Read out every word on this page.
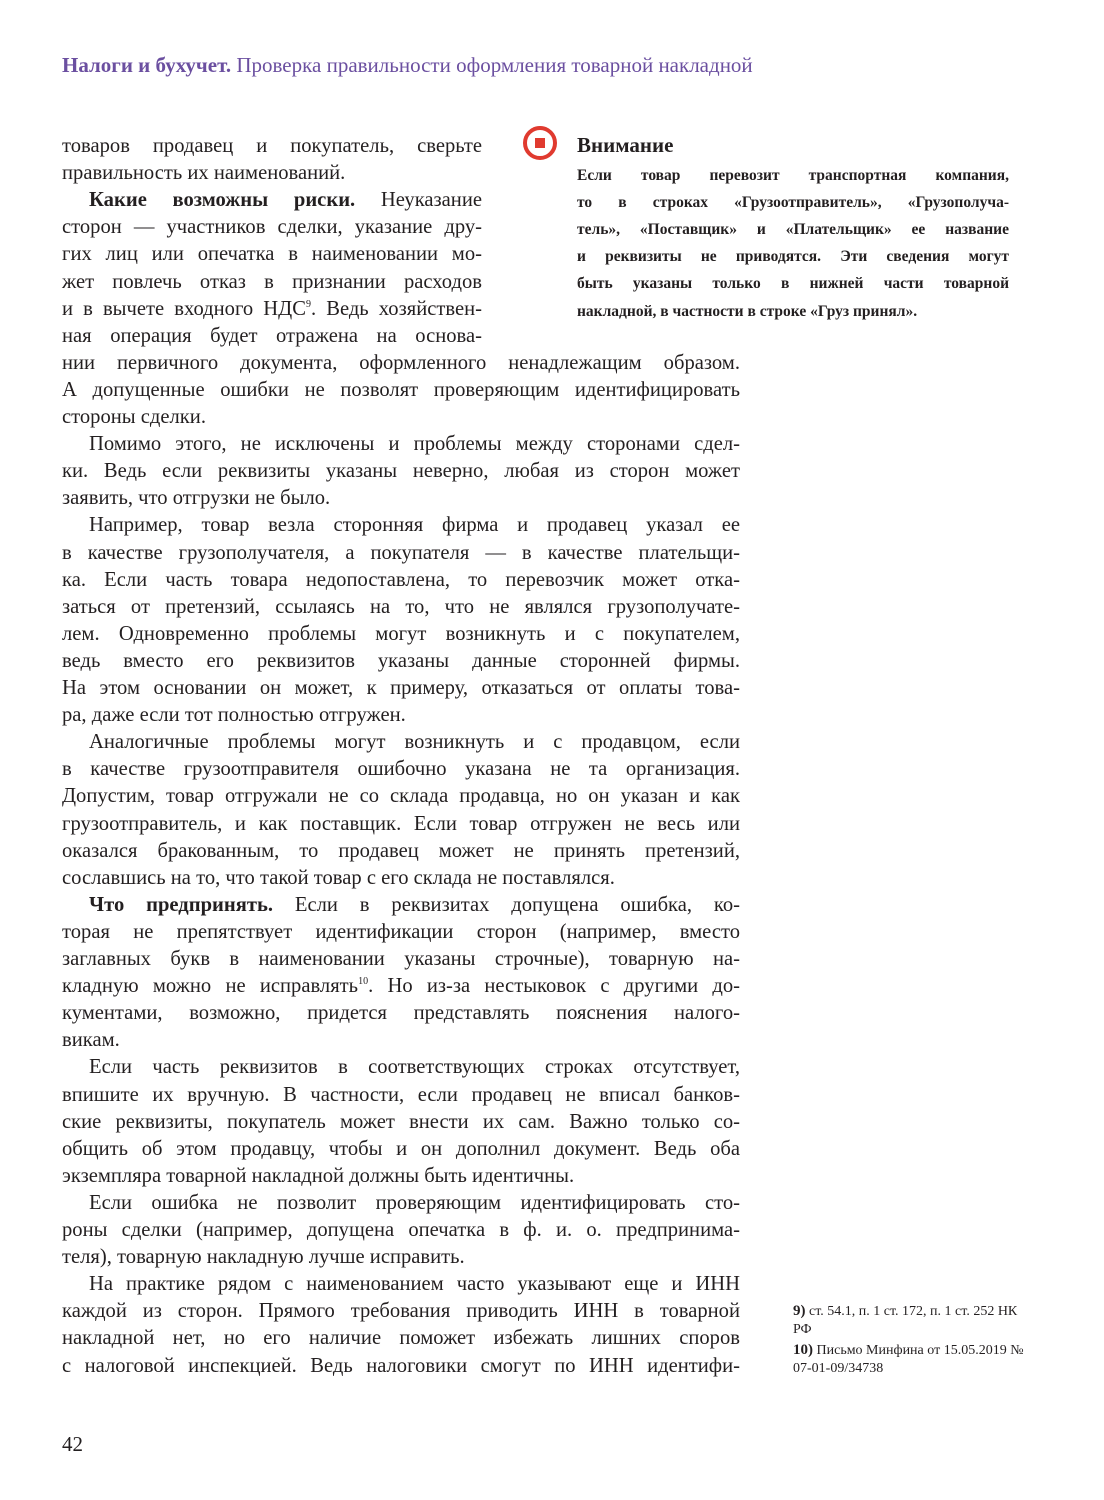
Налоги и бухучет. Проверка правильности оформления товарной накладной
Внимание
Если товар перевозит транспортная компания,
то в строках «Грузоотправитель», «Грузополуча-
тель», «Поставщик» и «Плательщик» ее название
и реквизиты не приводятся. Эти сведения могут
быть указаны только в нижней части товарной
накладной, в частности в строке «Груз принял».
товаров продавец и покупатель, сверьте
правильность их наименований.
Какие возможны риски. Неуказание
сторон — участников сделки, указание дру-
гих лиц или опечатка в наименовании мо-
жет повлечь отказ в признании расходов
и в вычете входного НДС$^9$. Ведь хозяйствен-
ная операция будет отражена на основа-
нии первичного документа, оформленного ненадлежащим образом.
А допущенные ошибки не позволят проверяющим идентифицировать
стороны сделки.
Помимо этого, не исключены и проблемы между сторонами сдел-
ки. Ведь если реквизиты указаны неверно, любая из сторон может
заявить, что отгрузки не было.
Например, товар везла сторонняя фирма и продавец указал ее
в качестве грузополучателя, а покупателя — в качестве плательщи-
ка. Если часть товара недопоставлена, то перевозчик может отка-
заться от претензий, ссылаясь на то, что не являлся грузополучате-
лем. Одновременно проблемы могут возникнуть и с покупателем,
ведь вместо его реквизитов указаны данные сторонней фирмы.
На этом основании он может, к примеру, отказаться от оплаты това-
ра, даже если тот полностью отгружен.
Аналогичные проблемы могут возникнуть и с продавцом, если
в качестве грузоотправителя ошибочно указана не та организация.
Допустим, товар отгружали не со склада продавца, но он указан и как
грузоотправитель, и как поставщик. Если товар отгружен не весь или
оказался бракованным, то продавец может не принять претензий,
сославшись на то, что такой товар с его склада не поставлялся.
Что предпринять. Если в реквизитах допущена ошибка, ко-
торая не препятствует идентификации сторон (например, вместо
заглавных букв в наименовании указаны строчные), товарную на-
кладную можно не исправлять$^{10}$. Но из-за нестыковок с другими до-
кументами, возможно, придется представлять пояснения налого-
викам.
Если часть реквизитов в соответствующих строках отсутствует,
впишите их вручную. В частности, если продавец не вписал банков-
ские реквизиты, покупатель может внести их сам. Важно только со-
общить об этом продавцу, чтобы и он дополнил документ. Ведь оба
экземпляра товарной накладной должны быть идентичны.
Если ошибка не позволит проверяющим идентифицировать сто-
роны сделки (например, допущена опечатка в ф. и. о. предпринима-
теля), товарную накладную лучше исправить.
На практике рядом с наименованием часто указывают еще и ИНН
каждой из сторон. Прямого требования приводить ИНН в товарной
накладной нет, но его наличие поможет избежать лишних споров
с налоговой инспекцией. Ведь налоговики смогут по ИНН идентифи-
9) ст. 54.1, п. 1 ст. 172, п. 1 ст. 252 НК РФ
10) Письмо Минфина от 15.05.2019 № 07-01-09/34738
42
